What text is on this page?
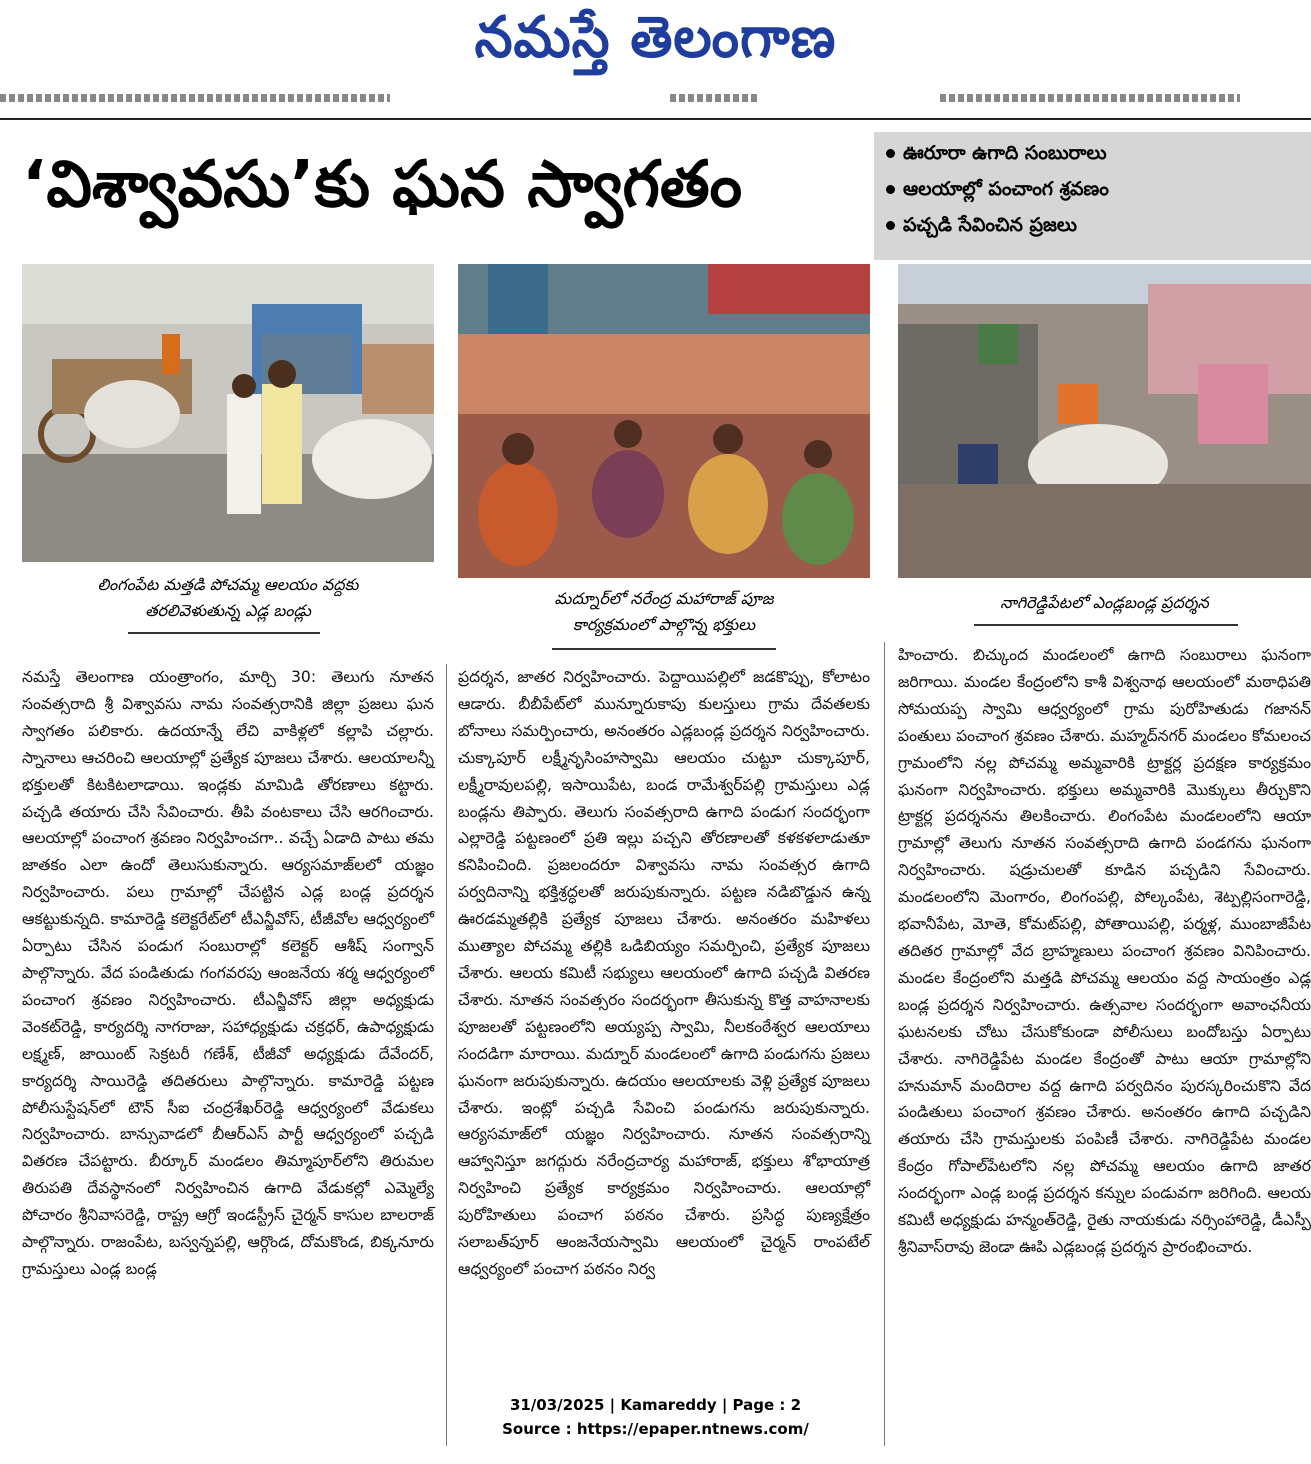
నమస్తే తెలంగాణ
‘విశ్వావసు’కు ఘన స్వాగతం	ఊరూరా ఉగాది సంబురాలు
ఆలయాల్లో పంచాంగ శ్రవణం
పచ్చడి సేవించిన ప్రజలు
లింగంపేట మత్తడి పోచమ్మ ఆలయం వద్దకు
తరలివెళుతున్న ఎడ్ల బండ్లు
మద్నూర్‌లో నరేంద్ర మహారాజ్ పూజ
కార్యక్రమంలో పాల్గొన్న భక్తులు
నాగిరెడ్డిపేటలో ఎండ్లబండ్ల ప్రదర్శన
నమస్తే తెలంగాణ యంత్రాంగం, మార్చి 30: తెలుగు నూతన సంవత్సరాది శ్రీ విశ్వావసు నామ సంవత్సరానికి జిల్లా ప్రజలు ఘన స్వాగతం పలికారు. ఉదయాన్నే లేచి వాకిళ్లలో కల్లాపి చల్లారు. స్నానాలు ఆచరించి ఆలయాల్లో ప్రత్యేక పూజలు చేశారు. ఆలయాలన్నీ భక్తులతో కిటకిటలాడాయి. ఇండ్లకు మామిడి తోరణాలు కట్టారు. పచ్చడి తయారు చేసి సేవించారు. తీపి వంటకాలు చేసి ఆరగించారు. ఆలయాల్లో పంచాంగ శ్రవణం నిర్వహించగా.. వచ్చే ఏడాది పాటు తమ జాతకం ఎలా ఉందో తెలుసుకున్నారు. ఆర్యసమాజ్‌లలో యజ్ఞం నిర్వహించారు. పలు గ్రామాల్లో చేపట్టిన ఎడ్ల బండ్ల ప్రదర్శన ఆకట్టుకున్నది. కామారెడ్డి కలెక్టరేట్‌లో టీఎన్జీవోస్, టీజీవోల ఆధ్వర్యంలో ఏర్పాటు చేసిన పండుగ సంబురాల్లో కలెక్టర్ ఆశీష్ సంగ్వాన్ పాల్గొన్నారు. వేద పండితుడు గంగవరపు ఆంజనేయ శర్మ ఆధ్వర్యంలో పంచాంగ శ్రవణం నిర్వహించారు. టీఎన్జీవోస్ జిల్లా అధ్యక్షుడు వెంకట్‌రెడ్డి, కార్యదర్శి నాగరాజు, సహాధ్యక్షుడు చక్రధర్, ఉపాధ్యక్షుడు లక్ష్మణ్, జాయింట్ సెక్రటరీ గణేశ్, టీజీవో అధ్యక్షుడు దేవేందర్, కార్యదర్శి సాయిరెడ్డి తదితరులు పాల్గొన్నారు. కామారెడ్డి పట్టణ పోలీసుస్టేషన్‌లో టౌన్ సీఐ చంద్రశేఖర్‌రెడ్డి ఆధ్వర్యంలో వేడుకలు నిర్వహించారు. బాన్సువాడలో బీఆర్‌ఎస్ పార్టీ ఆధ్వర్యంలో పచ్చడి వితరణ చేపట్టారు. బీర్కూర్ మండలం తిమ్మాపూర్‌లోని తిరుమల తిరుపతి దేవస్థానంలో నిర్వహించిన ఉగాది వేడుకల్లో ఎమ్మెల్యే పోచారం శ్రీనివాసరెడ్డి, రాష్ట్ర ఆగ్రో ఇండస్ట్రీస్ చైర్మన్ కాసుల బాలరాజ్ పాల్గొన్నారు. రాజంపేట, బస్వన్నపల్లి, ఆర్గొండ, దోమకొండ, బిక్కనూరు గ్రామస్తులు ఎండ్ల బండ్ల
ప్రదర్శన, జాతర నిర్వహించారు. పెద్దాయిపల్లిలో జడకొప్పు, కోలాటం ఆడారు. బీబీపేట్‌లో మున్నూరుకాపు కులస్తులు గ్రామ దేవతలకు బోనాలు సమర్పించారు, అనంతరం ఎడ్లబండ్ల ప్రదర్శన నిర్వహించారు. చుక్కాపూర్ లక్ష్మీనృసింహస్వామి ఆలయం చుట్టూ చుక్కాపూర్, లక్ష్మీరావులపల్లి, ఇసాయిపేట, బండ రామేశ్వర్‌పల్లి గ్రామస్తులు ఎడ్ల బండ్లను తిప్పారు. తెలుగు సంవత్సరాది ఉగాది పండుగ సందర్భంగా ఎల్లారెడ్డి పట్టణంలో ప్రతి ఇల్లు పచ్చని తోరణాలతో కళకళలాడుతూ కనిపించింది. ప్రజలందరూ విశ్వావసు నామ సంవత్సర ఉగాది పర్వదినాన్ని భక్తిశ్రద్ధలతో జరుపుకున్నారు. పట్టణ నడిబొడ్డున ఉన్న ఊరడమ్మతల్లికి ప్రత్యేక పూజలు చేశారు. అనంతరం మహిళలు ముత్యాల పోచమ్మ తల్లికి ఒడిబియ్యం సమర్పించి, ప్రత్యేక పూజలు చేశారు. ఆలయ కమిటీ సభ్యులు ఆలయంలో ఉగాది పచ్చడి వితరణ చేశారు. నూతన సంవత్సరం సందర్భంగా తీసుకున్న కొత్త వాహనాలకు పూజలతో పట్టణంలోని అయ్యప్ప స్వామి, నీలకంఠేశ్వర ఆలయాలు సందడిగా మారాయి. మద్నూర్ మండలంలో ఉగాది పండుగను ప్రజలు ఘనంగా జరుపుకున్నారు. ఉదయం ఆలయాలకు వెళ్లి ప్రత్యేక పూజలు చేశారు. ఇంట్లో పచ్చడి సేవించి పండుగను జరుపుకున్నారు. ఆర్యసమాజ్‌లో యజ్ఞం నిర్వహించారు. నూతన సంవత్సరాన్ని ఆహ్వానిస్తూ జగద్గురు నరేంద్రచార్య మహారాజ్, భక్తులు శోభాయాత్ర నిర్వహించి ప్రత్యేక కార్యక్రమం నిర్వహించారు. ఆలయాల్లో పురోహితులు పంచాగ పఠనం చేశారు. ప్రసిద్ధ పుణ్యక్షేత్రం సలాబత్‌పూర్ ఆంజనేయస్వామి ఆలయంలో చైర్మన్ రాంపటేల్ ఆధ్వర్యంలో పంచాగ పఠనం నిర్వ
హించారు. బిచ్కుంద మండలంలో ఉగాది సంబురాలు ఘనంగా జరిగాయి. మండల కేంద్రంలోని కాశీ విశ్వనాథ ఆలయంలో మఠాధిపతి సోమయప్ప స్వామి ఆధ్వర్యంలో గ్రామ పురోహితుడు గజానన్ పంతులు పంచాంగ శ్రవణం చేశారు. మహ్మద్‌నగర్ మండలం కోమలంచ గ్రామంలోని నల్ల పోచమ్మ అమ్మవారికి ట్రాక్టర్ల ప్రదక్షణ కార్యక్రమం ఘనంగా నిర్వహించారు. భక్తులు అమ్మవారికి మొక్కులు తీర్చుకొని ట్రాక్టర్ల ప్రదర్శనను తిలకించారు. లింగంపేట మండలంలోని ఆయా గ్రామాల్లో తెలుగు నూతన సంవత్సరాది ఉగాది పండగను ఘనంగా నిర్వహించారు. షడ్రుచులతో కూడిన పచ్చడిని సేవించారు. మండలంలోని మెంగారం, లింగంపల్లి, పోల్కంపేట, శెట్పల్లిసంగారెడ్డి, భవానీపేట, మోతె, కోమట్‌పల్లి, పోతాయిపల్లి, పర్మళ్ల, ముంబాజీపేట తదితర గ్రామాల్లో వేద బ్రాహ్మణులు పంచాంగ శ్రవణం వినిపించారు. మండల కేంద్రంలోని మత్తడి పోచమ్మ ఆలయం వద్ద సాయంత్రం ఎడ్ల బండ్ల ప్రదర్శన నిర్వహించారు. ఉత్సవాల సందర్భంగా అవాంఛనీయ ఘటనలకు చోటు చేసుకోకుండా పోలీసులు బందోబస్తు ఏర్పాటు చేశారు. నాగిరెడ్డిపేట మండల కేంద్రంతో పాటు ఆయా గ్రామాల్లోని హనుమాన్ మందిరాల వద్ద ఉగాది పర్వదినం పురస్కరించుకొని వేద పండితులు పంచాంగ శ్రవణం చేశారు. అనంతరం ఉగాది పచ్చడిని తయారు చేసి గ్రామస్తులకు పంపిణీ చేశారు. నాగిరెడ్డిపేట మండల కేంద్రం గోపాల్‌పేటలోని నల్ల పోచమ్మ ఆలయం ఉగాది జాతర సందర్భంగా ఎండ్ల బండ్ల ప్రదర్శన కన్నుల పండువగా జరిగింది. ఆలయ కమిటీ అధ్యక్షుడు హన్మంత్‌రెడ్డి, రైతు నాయకుడు నర్సింహారెడ్డి, డీఎస్పీ శ్రీనివాస్‌రావు జెండా ఊపి ఎడ్లబండ్ల ప్రదర్శన ప్రారంభించారు.
31/03/2025 | Kamareddy | Page : 2
Source : https://epaper.ntnews.com/
